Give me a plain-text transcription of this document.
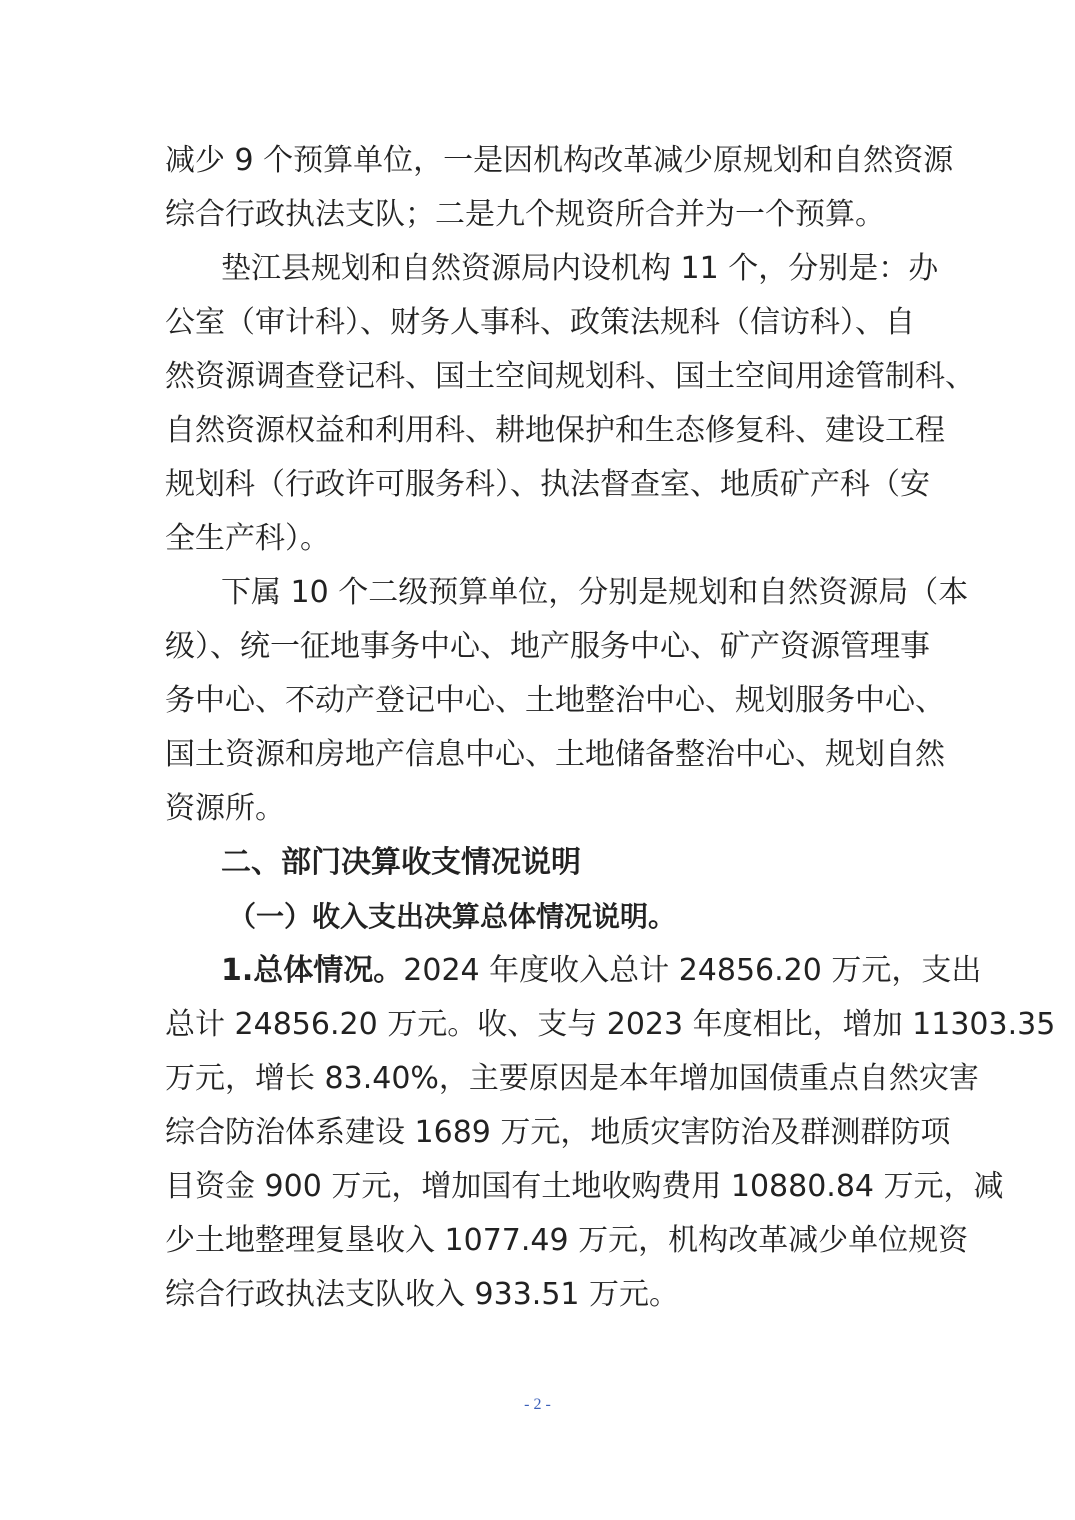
减少 9 个预算单位，一是因机构改革减少原规划和自然资源
综合行政执法支队；二是九个规资所合并为一个预算。
垫江县规划和自然资源局内设机构 11 个，分别是：办
公室（审计科）、财务人事科、政策法规科（信访科）、自
然资源调查登记科、国土空间规划科、国土空间用途管制科、
自然资源权益和利用科、耕地保护和生态修复科、建设工程
规划科（行政许可服务科）、执法督查室、地质矿产科（安
全生产科）。
下属 10 个二级预算单位，分别是规划和自然资源局（本
级）、统一征地事务中心、地产服务中心、矿产资源管理事
务中心、不动产登记中心、土地整治中心、规划服务中心、
国土资源和房地产信息中心、土地储备整治中心、规划自然
资源所。
二、部门决算收支情况说明
（一）收入支出决算总体情况说明。
1.总体情况。2024 年度收入总计 24856.20 万元，支出
总计 24856.20 万元。收、支与 2023 年度相比，增加 11303.35
万元，增长 83.40%，主要原因是本年增加国债重点自然灾害
综合防治体系建设 1689 万元，地质灾害防治及群测群防项
目资金 900 万元，增加国有土地收购费用 10880.84 万元，减
少土地整理复垦收入 1077.49 万元，机构改革减少单位规资
综合行政执法支队收入 933.51 万元。
- 2 -
